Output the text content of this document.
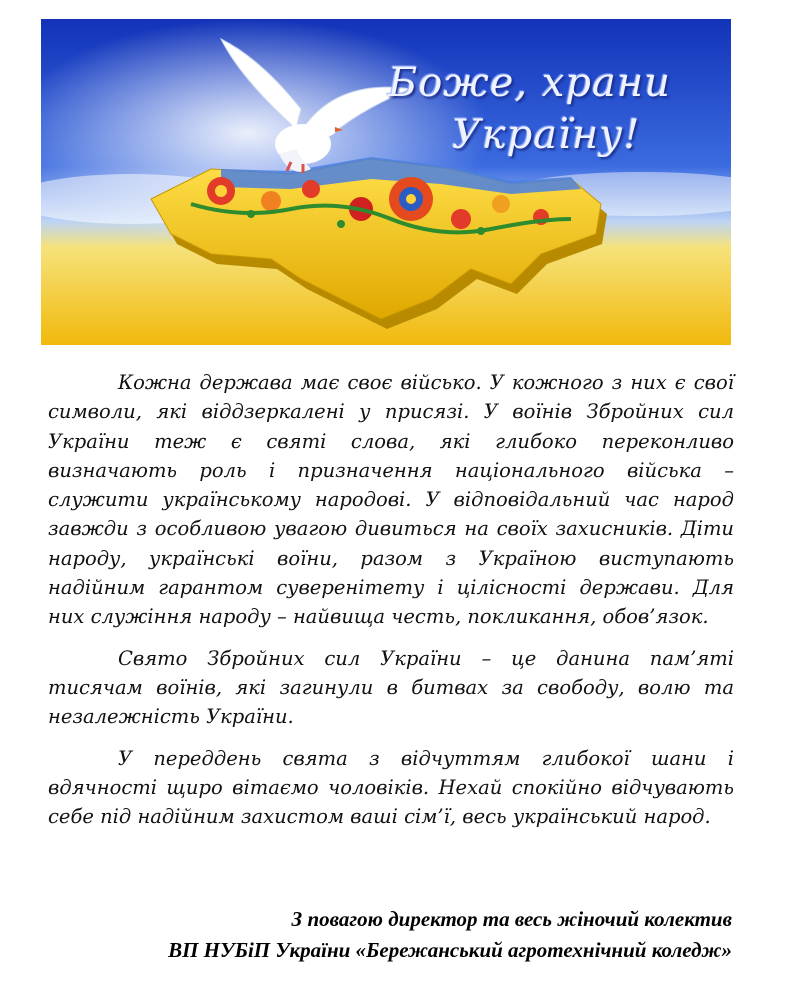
Боже, храни
Україну!

Кожна держава має своє військо. У кожного з них є свої символи, які віддзеркалені у присязі. У воїнів Збройних сил України теж є святі слова, які глибоко переконливо визначають роль і призначення національного війська – служити українському народові. У відповідальний час народ завжди з особливою увагою дивиться на своїх захисників. Діти народу, українські воїни, разом з Україною виступають надійним гарантом суверенітету і цілісності держави. Для них служіння народу – найвища честь, покликання, обов’язок.

Свято Збройних сил України – це данина пам’яті тисячам воїнів, які загинули в битвах за свободу, волю та незалежність України.

У переддень свята з відчуттям глибокої шани і вдячності щиро вітаємо чоловіків. Нехай спокійно відчувають себе під надійним захистом ваші сім’ї, весь український народ.

З повагою директор та весь жіночий колектив
ВП НУБіП України «Бережанський агротехнічний коледж»
